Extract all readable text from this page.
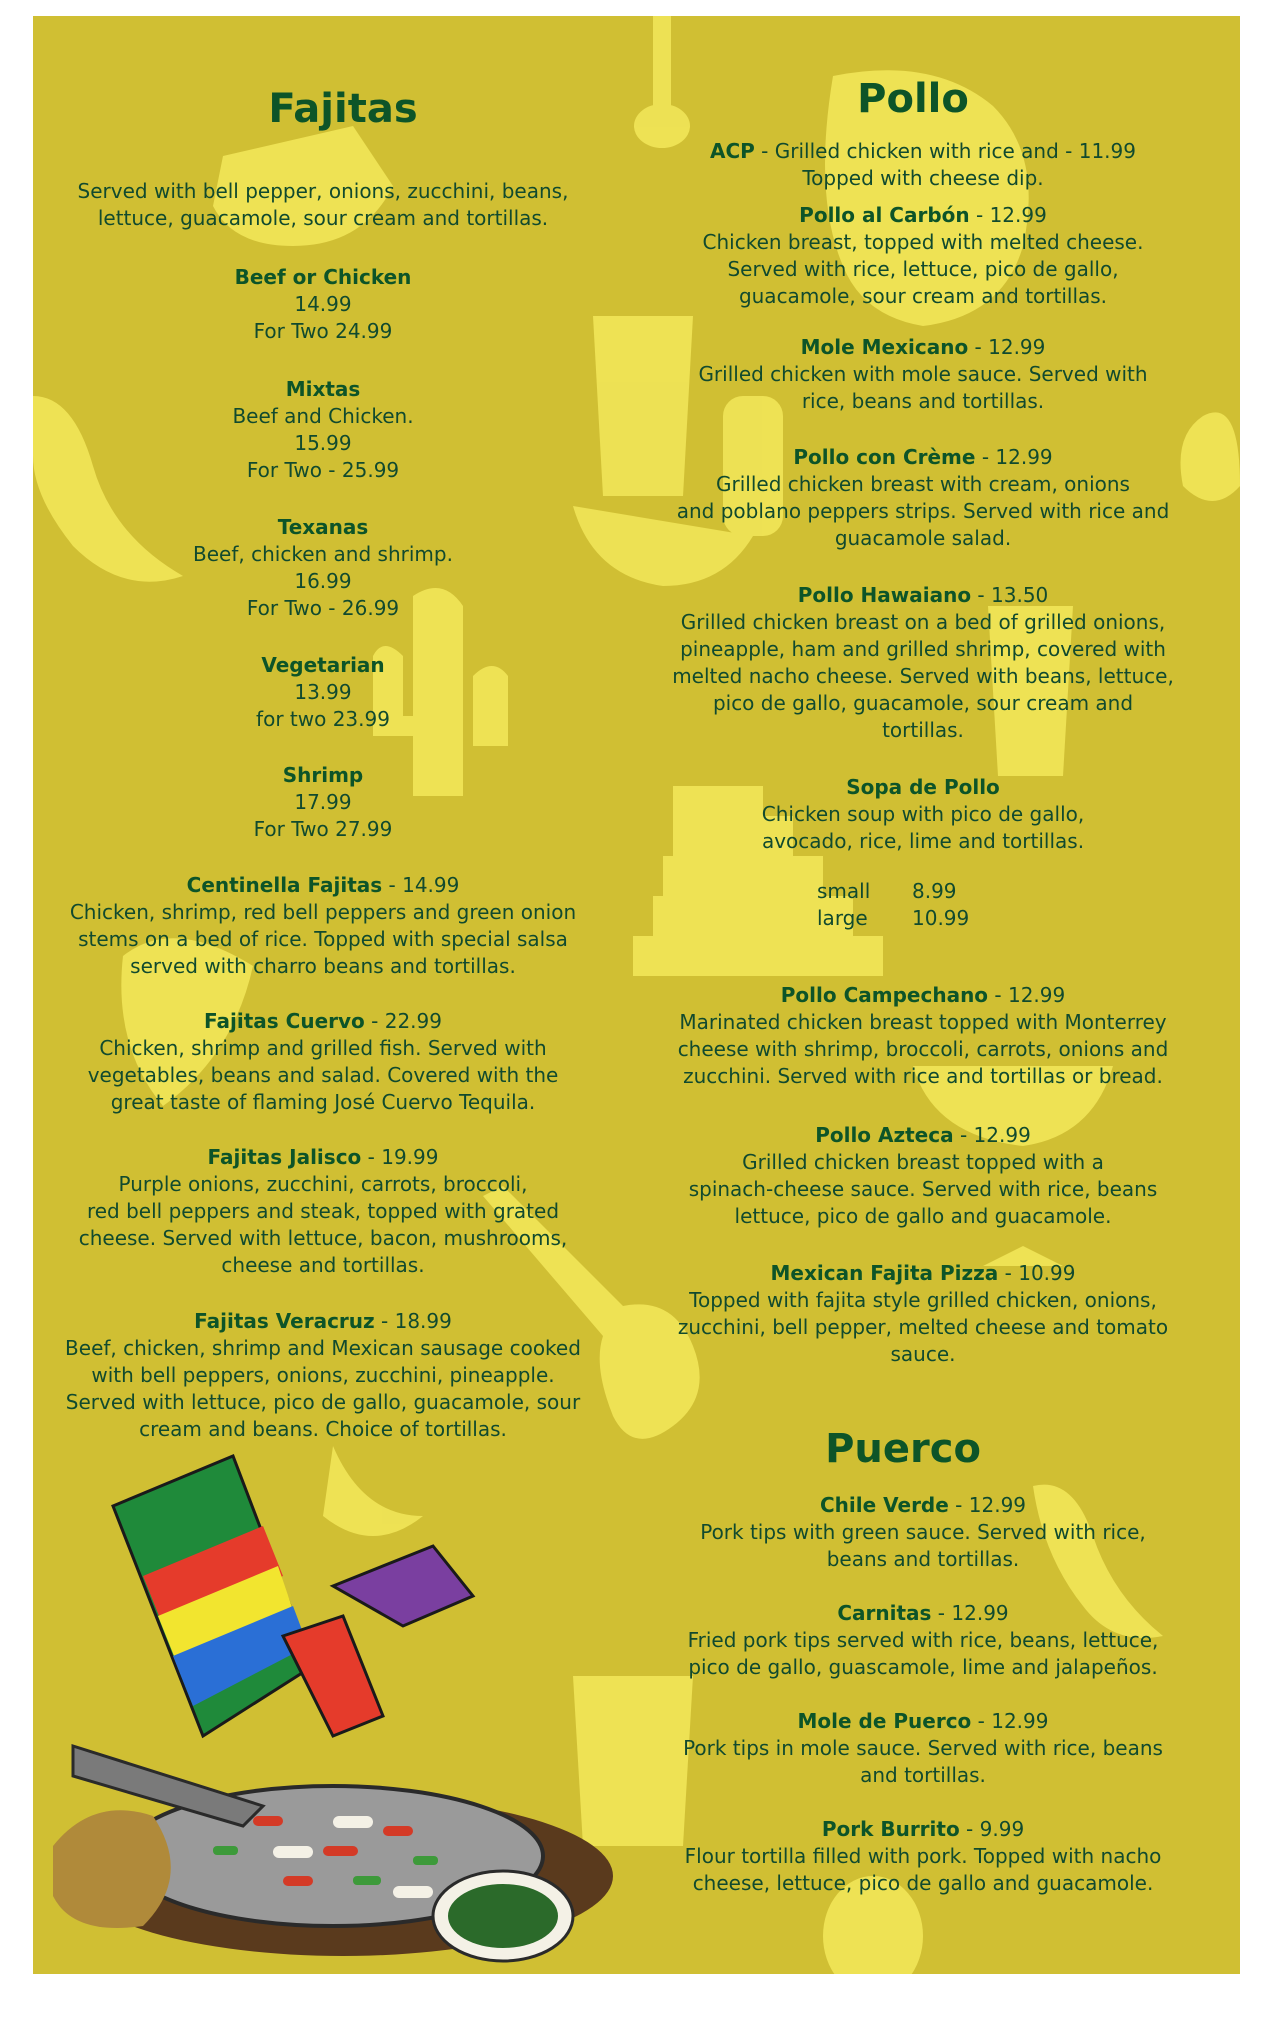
Fajitas
Served with bell pepper, onions, zucchini, beans,
lettuce, guacamole, sour cream and tortillas.
Beef or Chicken
14.99
For Two 24.99
Mixtas
Beef and Chicken.
15.99
For Two - 25.99
Texanas
Beef, chicken and shrimp.
16.99
For Two - 26.99
Vegetarian
13.99
for two 23.99
Shrimp
17.99
For Two 27.99
Centinella Fajitas - 14.99
Chicken, shrimp, red bell peppers and green onion
stems on a bed of rice. Topped with special salsa
served with charro beans and tortillas.
Fajitas Cuervo - 22.99
Chicken, shrimp and grilled fish. Served with
vegetables, beans and salad. Covered with the
great taste of flaming José Cuervo Tequila.
Fajitas Jalisco - 19.99
Purple onions, zucchini, carrots, broccoli,
red bell peppers and steak, topped with grated
cheese. Served with lettuce, bacon, mushrooms,
cheese and tortillas.
Fajitas Veracruz - 18.99
Beef, chicken, shrimp and Mexican sausage cooked
with bell peppers, onions, zucchini, pineapple.
Served with lettuce, pico de gallo, guacamole, sour
cream and beans. Choice of tortillas.
Pollo
ACP - Grilled chicken with rice and - 11.99
Topped with cheese dip.
Pollo al Carbón - 12.99
Chicken breast, topped with melted cheese.
Served with rice, lettuce, pico de gallo,
guacamole, sour cream and tortillas.
Mole Mexicano - 12.99
Grilled chicken with mole sauce. Served with
rice, beans and tortillas.
Pollo con Crème - 12.99
Grilled chicken breast with cream, onions
and poblano peppers strips. Served with rice and
guacamole salad.
Pollo Hawaiano - 13.50
Grilled chicken breast on a bed of grilled onions,
pineapple, ham and grilled shrimp, covered with
melted nacho cheese. Served with beans, lettuce,
pico de gallo, guacamole, sour cream and
tortillas.
Sopa de Pollo
Chicken soup with pico de gallo,
avocado, rice, lime and tortillas.
small 8.99
large 10.99
Pollo Campechano - 12.99
Marinated chicken breast topped with Monterrey
cheese with shrimp, broccoli, carrots, onions and
zucchini. Served with rice and tortillas or bread.
Pollo Azteca - 12.99
Grilled chicken breast topped with a
spinach-cheese sauce. Served with rice, beans
lettuce, pico de gallo and guacamole.
Mexican Fajita Pizza - 10.99
Topped with fajita style grilled chicken, onions,
zucchini, bell pepper, melted cheese and tomato
sauce.
Puerco
Chile Verde - 12.99
Pork tips with green sauce. Served with rice,
beans and tortillas.
Carnitas - 12.99
Fried pork tips served with rice, beans, lettuce,
pico de gallo, guascamole, lime and jalapeños.
Mole de Puerco - 12.99
Pork tips in mole sauce. Served with rice, beans
and tortillas.
Pork Burrito - 9.99
Flour tortilla filled with pork. Topped with nacho
cheese, lettuce, pico de gallo and guacamole.
